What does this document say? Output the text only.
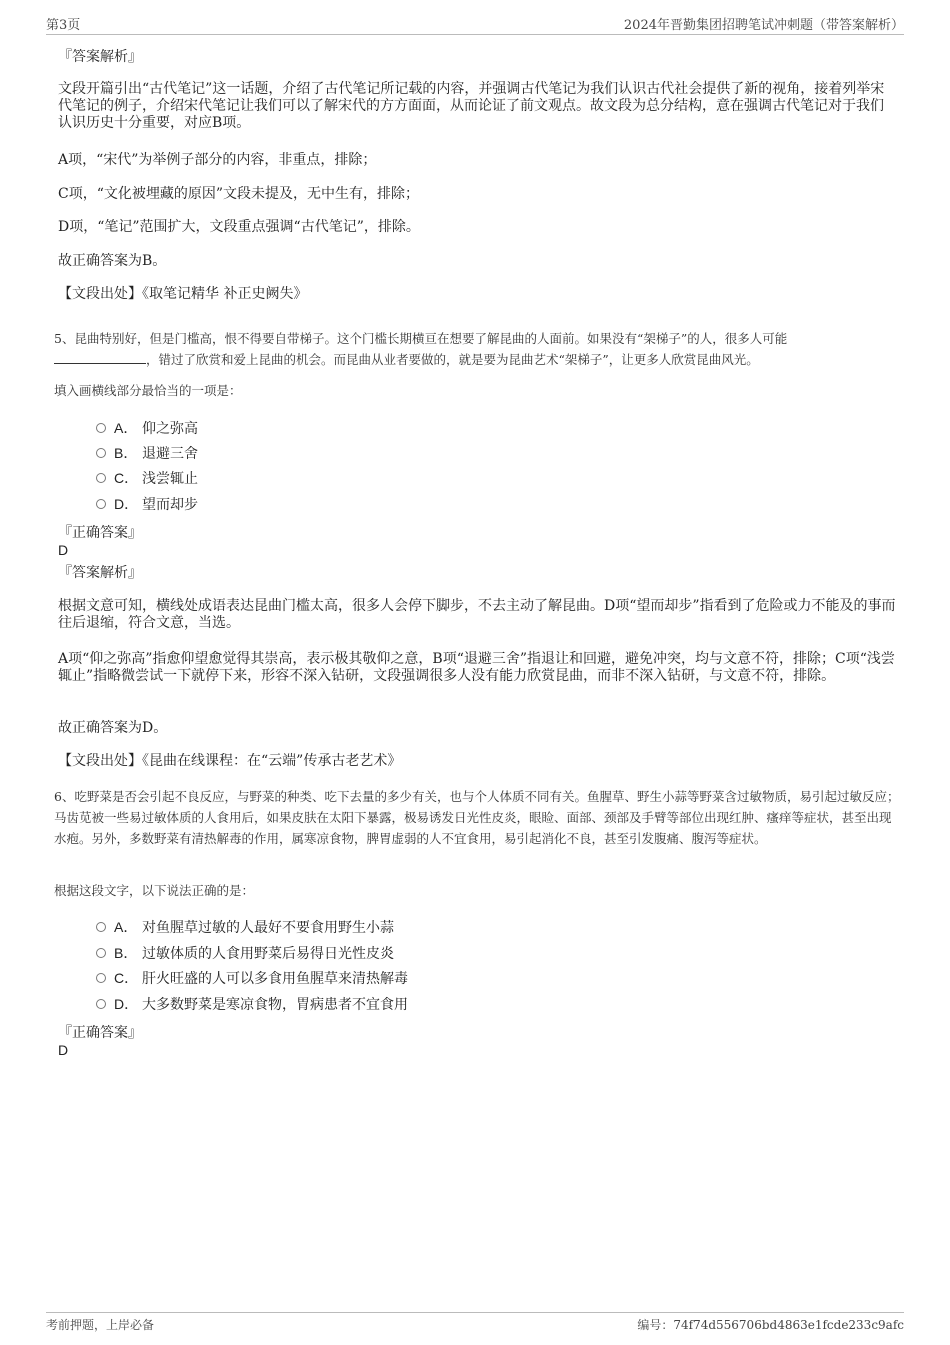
第3页	2024年晋勤集团招聘笔试冲刺题（带答案解析）
『答案解析』
文段开篇引出“古代笔记”这一话题，介绍了古代笔记所记载的内容，并强调古代笔记为我们认识古代社会提供了新的视角，接着列举宋代笔记的例子，介绍宋代笔记让我们可以了解宋代的方方面面，从而论证了前文观点。故文段为总分结构，意在强调古代笔记对于我们认识历史十分重要，对应B项。
A项，“宋代”为举例子部分的内容，非重点，排除；
C项，“文化被埋藏的原因”文段未提及，无中生有，排除；
D项，“笔记”范围扩大，文段重点强调“古代笔记”，排除。
故正确答案为B。
【文段出处】《取笔记精华 补正史阙失》
5、昆曲特别好，但是门槛高，恨不得要自带梯子。这个门槛长期横亘在想要了解昆曲的人面前。如果没有“架梯子”的人，很多人可能
，错过了欣赏和爱上昆曲的机会。而昆曲从业者要做的，就是要为昆曲艺术“架梯子”，让更多人欣赏昆曲风光。
填入画横线部分最恰当的一项是：
A． 仰之弥高
B． 退避三舍
C． 浅尝辄止
D． 望而却步
『正确答案』
D
『答案解析』
根据文意可知，横线处成语表达昆曲门槛太高，很多人会停下脚步，不去主动了解昆曲。D项“望而却步”指看到了危险或力不能及的事而往后退缩，符合文意，当选。
A项“仰之弥高”指愈仰望愈觉得其崇高，表示极其敬仰之意，B项“退避三舍”指退让和回避，避免冲突，均与文意不符，排除；C项“浅尝辄止”指略微尝试一下就停下来，形容不深入钻研，文段强调很多人没有能力欣赏昆曲，而非不深入钻研，与文意不符，排除。
故正确答案为D。
【文段出处】《昆曲在线课程：在“云端”传承古老艺术》
6、吃野菜是否会引起不良反应，与野菜的种类、吃下去量的多少有关，也与个人体质不同有关。鱼腥草、野生小蒜等野菜含过敏物质，易引起过敏反应；马齿苋被一些易过敏体质的人食用后，如果皮肤在太阳下暴露，极易诱发日光性皮炎，眼睑、面部、颈部及手臂等部位出现红肿、瘙痒等症状，甚至出现水疱。另外，多数野菜有清热解毒的作用，属寒凉食物，脾胃虚弱的人不宜食用，易引起消化不良，甚至引发腹痛、腹泻等症状。
根据这段文字，以下说法正确的是：
A． 对鱼腥草过敏的人最好不要食用野生小蒜
B． 过敏体质的人食用野菜后易得日光性皮炎
C． 肝火旺盛的人可以多食用鱼腥草来清热解毒
D． 大多数野菜是寒凉食物，胃病患者不宜食用
『正确答案』
D
考前押题，上岸必备	编号：74f74d556706bd4863e1fcde233c9afc
